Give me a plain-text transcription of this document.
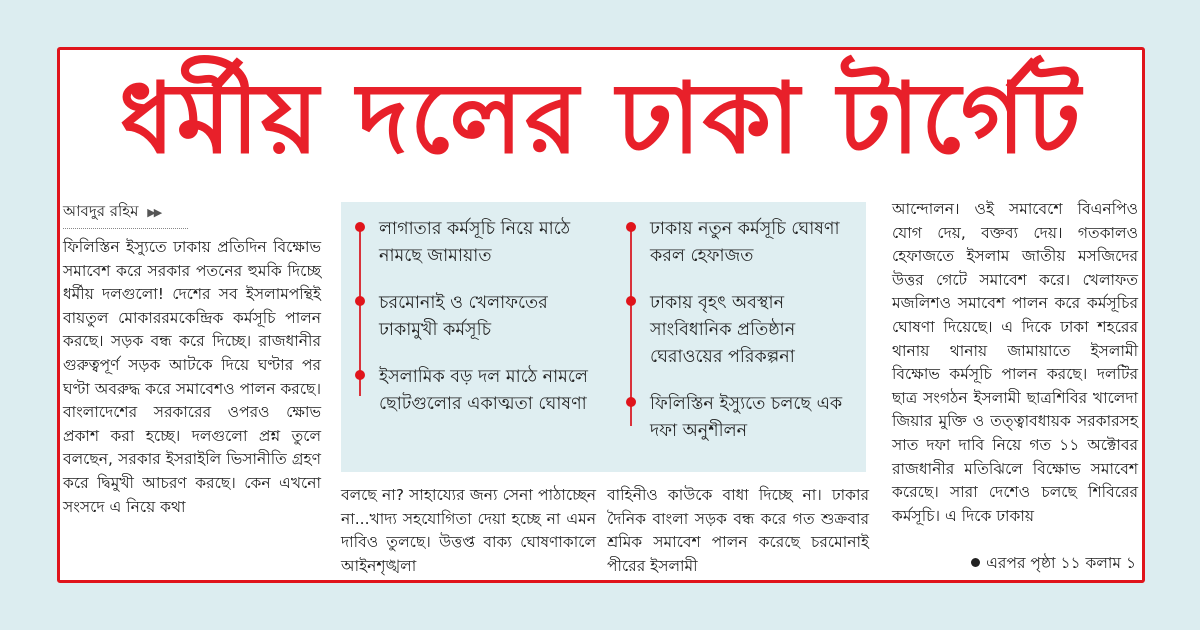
ধর্মীয় দলের ঢাকা টার্গেট
আবদুর রহিম ▶▶

ফিলিস্তিন ইস্যুতে ঢাকায় প্রতিদিন বিক্ষোভ সমাবেশ করে সরকার পতনের হুমকি দিচ্ছে ধর্মীয় দলগুলো! দেশের সব ইসলামপন্থিই বায়তুল মোকাররমকেন্দ্রিক কর্মসূচি পালন করছে। সড়ক বন্ধ করে দিচ্ছে। রাজধানীর গুরুত্বপূর্ণ সড়ক আটকে দিয়ে ঘণ্টার পর ঘণ্টা অবরুদ্ধ করে সমাবেশও পালন করছে। বাংলাদেশের সরকারের ওপরও ক্ষোভ প্রকাশ করা হচ্ছে। দলগুলো প্রশ্ন তুলে বলছেন, সরকার ইসরাইলি ভিসানীতি গ্রহণ করে দ্বিমুখী আচরণ করছে। কেন এখনো সংসদে এ নিয়ে কথা

লাগাতার কর্মসূচি নিয়ে মাঠে নামছে জামায়াত
চরমোনাই ও খেলাফতের ঢাকামুখী কর্মসূচি
ইসলামিক বড় দল মাঠে নামলে ছোটগুলোর একাত্মতা ঘোষণা
ঢাকায় নতুন কর্মসূচি ঘোষণা করল হেফাজত
ঢাকায় বৃহৎ অবস্থান সাংবিধানিক প্রতিষ্ঠান ঘেরাওয়ের পরিকল্পনা
ফিলিস্তিন ইস্যুতে চলছে এক দফা অনুশীলন

বলছে না? সাহায্যের জন্য সেনা পাঠাচ্ছেন না...খাদ্য সহযোগিতা দেয়া হচ্ছে না এমন দাবিও তুলছে। উত্তপ্ত বাক্য ঘোষণাকালে আইনশৃঙ্খলা

বাহিনীও কাউকে বাধা দিচ্ছে না। ঢাকার দৈনিক বাংলা সড়ক বন্ধ করে গত শুক্রবার শ্রমিক সমাবেশ পালন করেছে চরমোনাই পীরের ইসলামী

আন্দোলন। ওই সমাবেশে বিএনপিও যোগ দেয়, বক্তব্য দেয়। গতকালও হেফাজতে ইসলাম জাতীয় মসজিদের উত্তর গেটে সমাবেশ করে। খেলাফত মজলিশও সমাবেশ পালন করে কর্মসূচির ঘোষণা দিয়েছে। এ দিকে ঢাকা শহরের থানায় থানায় জামায়াতে ইসলামী বিক্ষোভ কর্মসূচি পালন করছে। দলটির ছাত্র সংগঠন ইসলামী ছাত্রশিবির খালেদা জিয়ার মুক্তি ও তত্ত্বাবধায়ক সরকারসহ সাত দফা দাবি নিয়ে গত ১১ অক্টোবর রাজধানীর মতিঝিলে বিক্ষোভ সমাবেশ করেছে। সারা দেশেও চলছে শিবিরের কর্মসূচি। এ দিকে ঢাকায়

এরপর পৃষ্ঠা ১১ কলাম ১
